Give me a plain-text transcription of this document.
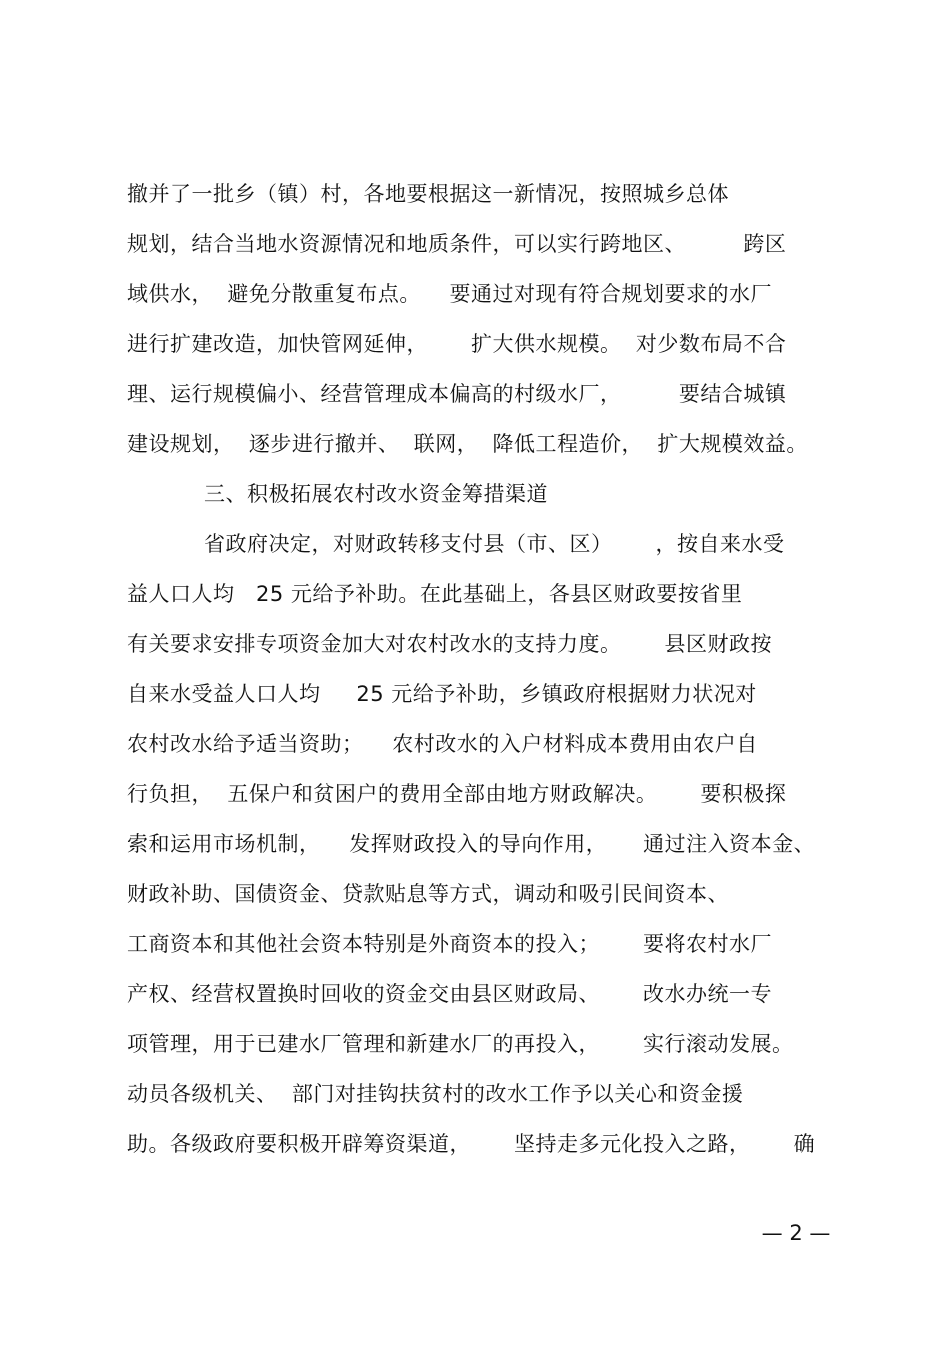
撤并了一批乡（镇）村，各地要根据这一新情况，按照城乡总体
规划，结合当地水资源情况和地质条件，可以实行跨地区、        跨区
域供水，  避免分散重复布点。    要通过对现有符合规划要求的水厂
进行扩建改造，加快管网延伸，      扩大供水规模。  对少数布局不合
理、运行规模偏小、经营管理成本偏高的村级水厂，        要结合城镇
建设规划，  逐步进行撤并、  联网，  降低工程造价，  扩大规模效益。
三、积极拓展农村改水资金筹措渠道
省政府决定，对财政转移支付县（市、区）      ，按自来水受
益人口人均   25 元给予补助。在此基础上，各县区财政要按省里
有关要求安排专项资金加大对农村改水的支持力度。      县区财政按
自来水受益人口人均     25 元给予补助，乡镇政府根据财力状况对
农村改水给予适当资助；    农村改水的入户材料成本费用由农户自
行负担，  五保户和贫困户的费用全部由地方财政解决。      要积极探
索和运用市场机制，    发挥财政投入的导向作用，     通过注入资本金、
财政补助、国债资金、贷款贴息等方式，调动和吸引民间资本、
工商资本和其他社会资本特别是外商资本的投入；      要将农村水厂
产权、经营权置换时回收的资金交由县区财政局、      改水办统一专
项管理，用于已建水厂管理和新建水厂的再投入，      实行滚动发展。
动员各级机关、  部门对挂钩扶贫村的改水工作予以关心和资金援
助。各级政府要积极开辟筹资渠道，      坚持走多元化投入之路，      确
— 2 —
